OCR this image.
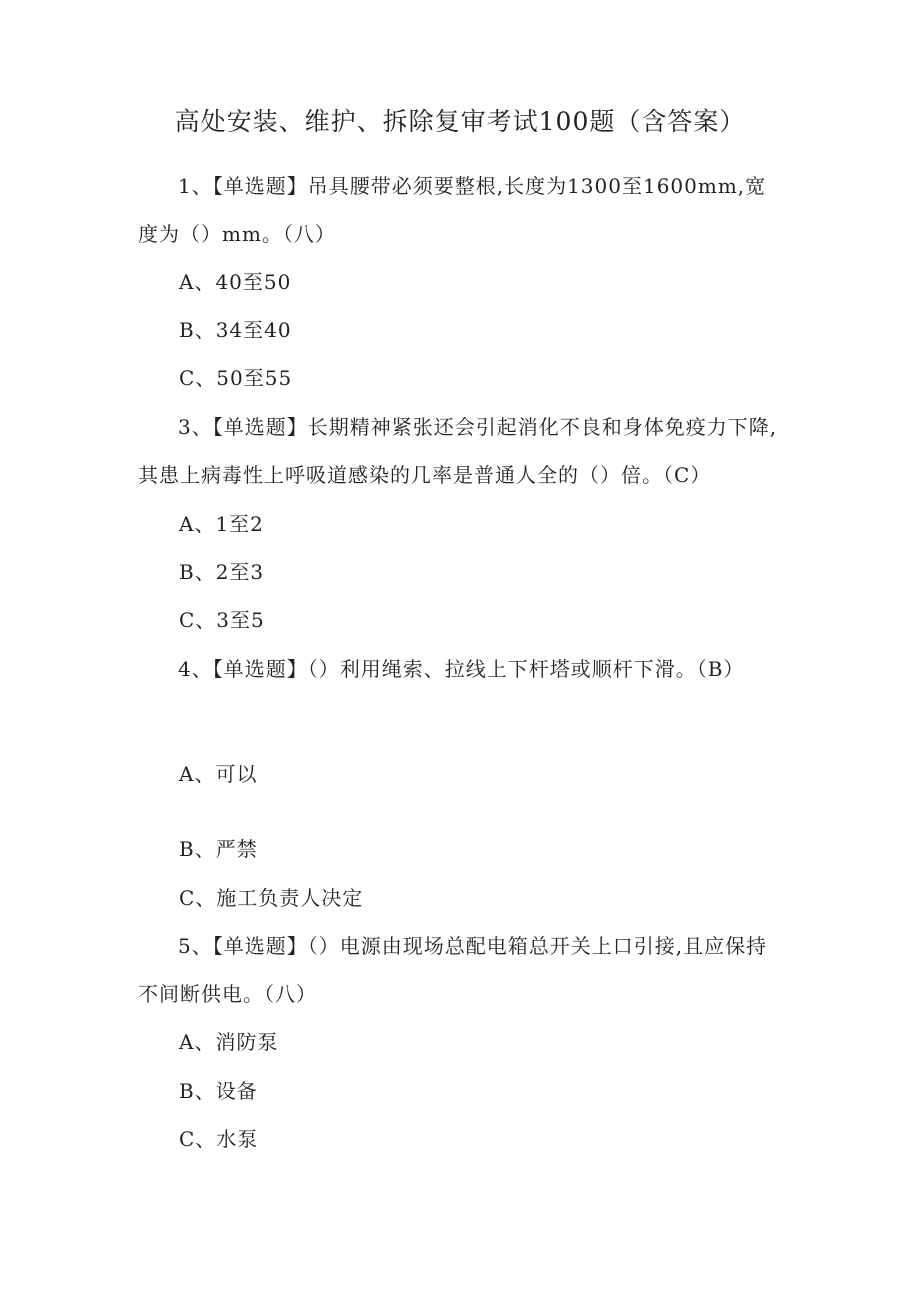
高处安装、维护、拆除复审考试100题（含答案）
1、【单选题】吊具腰带必须要整根,长度为1300至1600mm,宽度为（）mm。（八）
A、40至50
B、34至40
C、50至55
3、【单选题】长期精神紧张还会引起消化不良和身体免疫力下降,其患上病毒性上呼吸道感染的几率是普通人全的（）倍。（C）
A、1至2
B、2至3
C、3至5
4、【单选题】（）利用绳索、拉线上下杆塔或顺杆下滑。（B）
A、可以
B、严禁
C、施工负责人决定
5、【单选题】（）电源由现场总配电箱总开关上口引接,且应保持不间断供电。（八）
A、消防泵
B、设备
C、水泵
